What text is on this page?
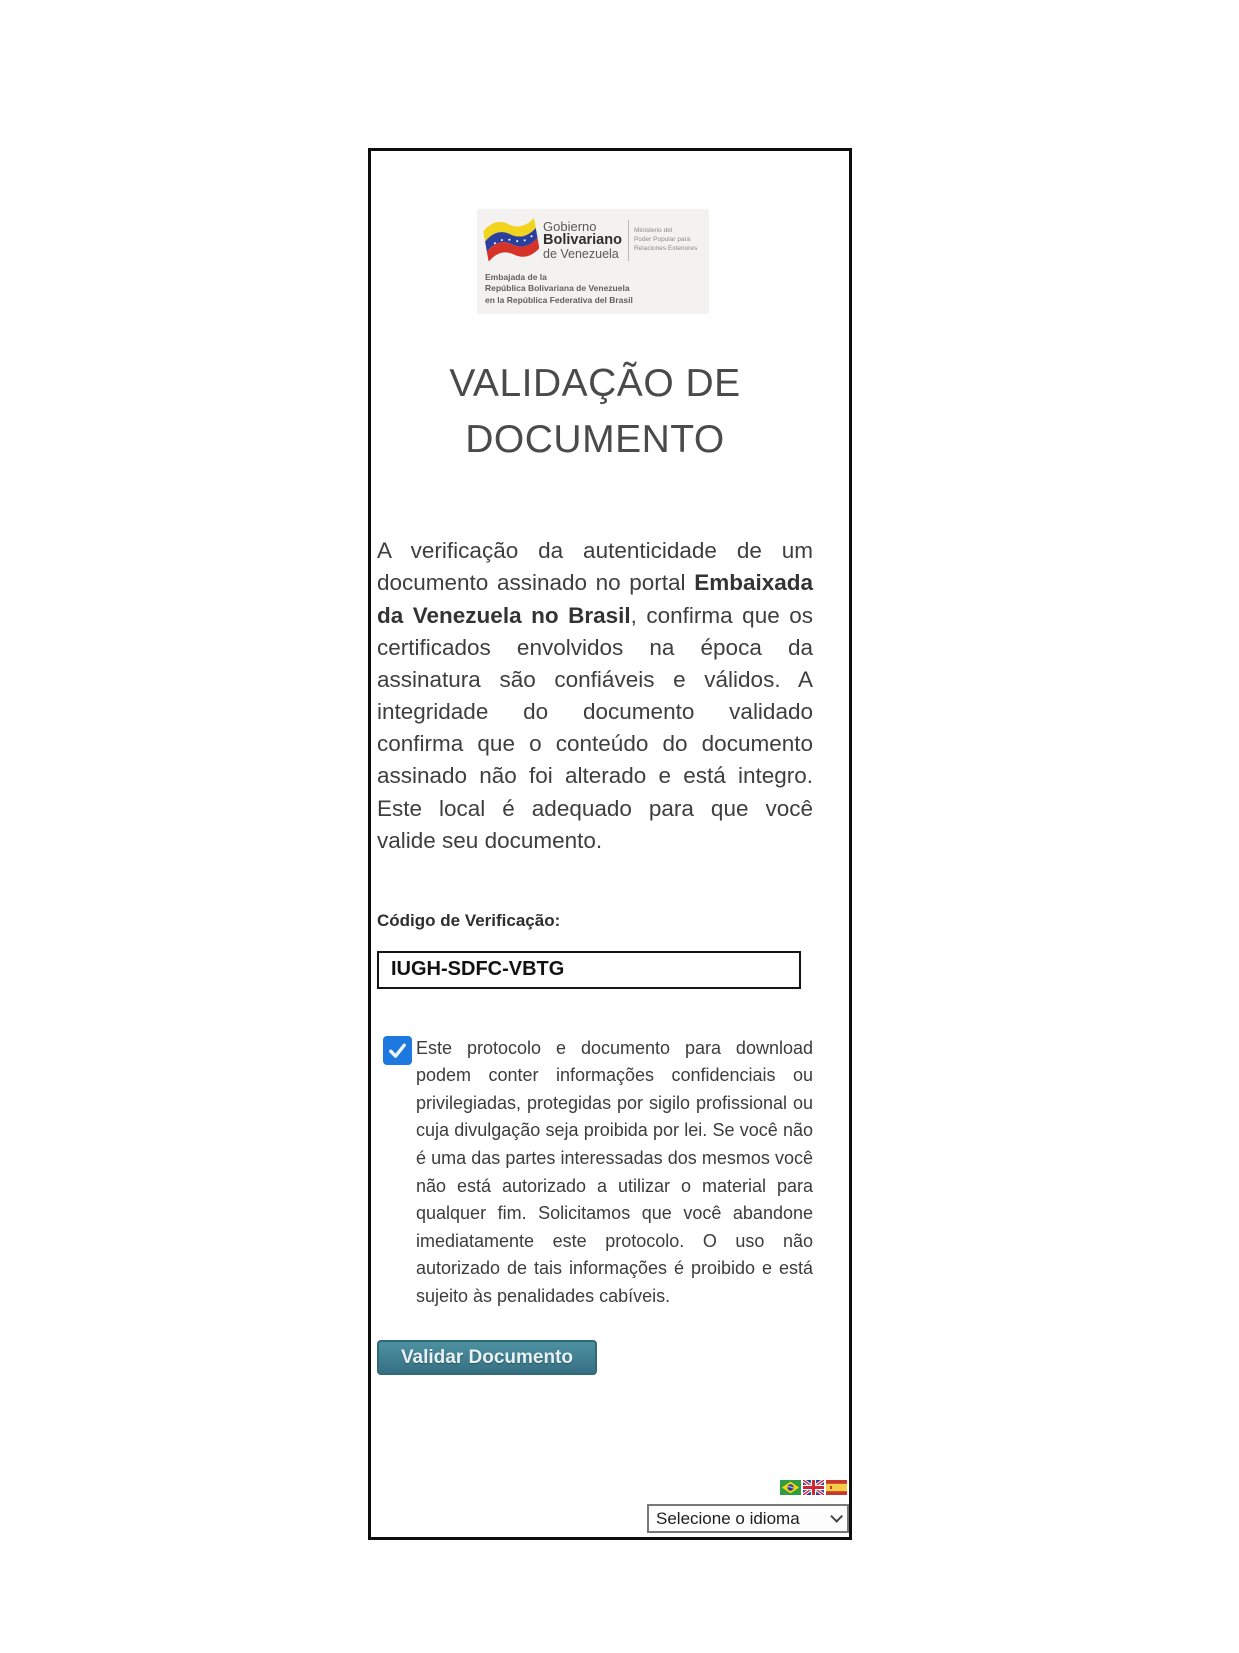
Gobierno
Bolivariano
de Venezuela
Ministerio del
Poder Popular para
Relaciones Exteriores
Embajada de la
República Bolivariana de Venezuela
en la República Federativa del Brasil
VALIDAÇÃO DE
DOCUMENTO

A verificação da autenticidade de um documento assinado no portal Embaixada da Venezuela no Brasil, confirma que os certificados envolvidos na época da assinatura são confiáveis e válidos. A integridade do documento validado confirma que o conteúdo do documento assinado não foi alterado e está integro. Este local é adequado para que você valide seu documento.

Código de Verificação:
IUGH-SDFC-VBTG
Este protocolo e documento para download podem conter informações confidenciais ou privilegiadas, protegidas por sigilo profissional ou cuja divulgação seja proibida por lei. Se você não é uma das partes interessadas dos mesmos você não está autorizado a utilizar o material para qualquer fim. Solicitamos que você abandone imediatamente este protocolo. O uso não autorizado de tais informações é proibido e está sujeito às penalidades cabíveis.
Validar Documento
Selecione o idioma
